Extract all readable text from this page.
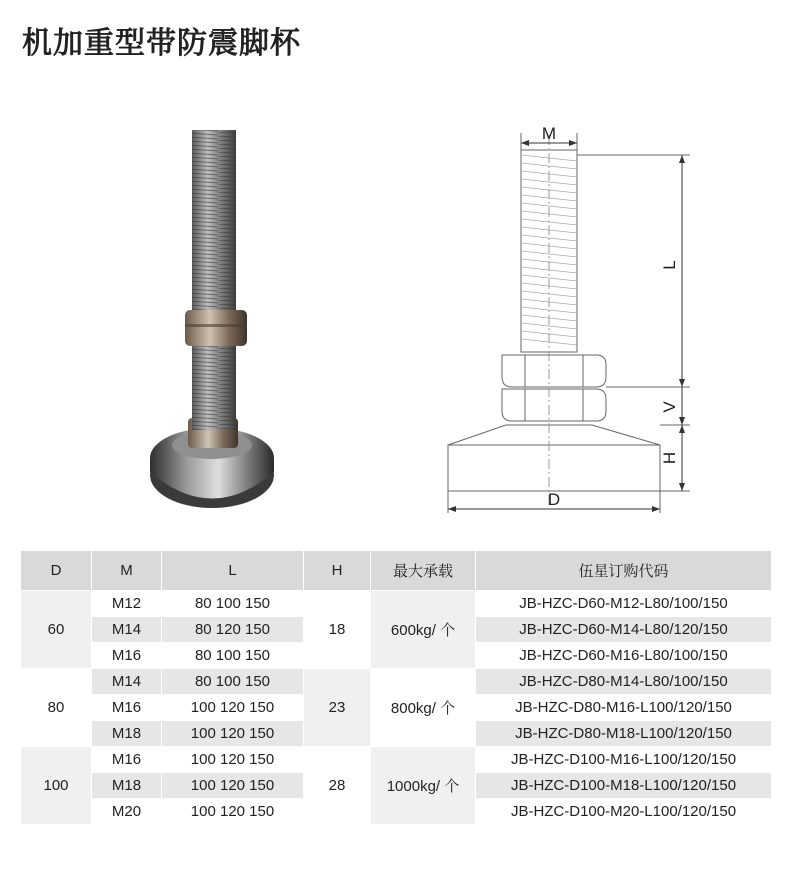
机加重型带防震脚杯
M
L
V
H
D
D	M	L	H	最大承载	伍星订购代码
60	M12	80 100 150	18	600kg/ 个	JB-HZC-D60-M12-L80/100/150
	M14	80 120 150			JB-HZC-D60-M14-L80/120/150
	M16	80 100 150			JB-HZC-D60-M16-L80/100/150
80	M14	80 100 150	23	800kg/ 个	JB-HZC-D80-M14-L80/100/150
	M16	100 120 150			JB-HZC-D80-M16-L100/120/150
	M18	100 120 150			JB-HZC-D80-M18-L100/120/150
100	M16	100 120 150	28	1000kg/ 个	JB-HZC-D100-M16-L100/120/150
	M18	100 120 150			JB-HZC-D100-M18-L100/120/150
	M20	100 120 150			JB-HZC-D100-M20-L100/120/150
